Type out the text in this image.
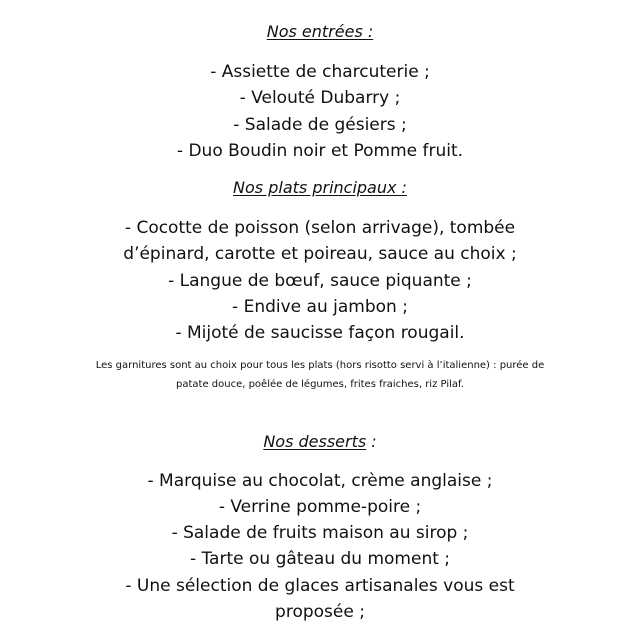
Nos entrées :
- Assiette de charcuterie ;
- Velouté Dubarry ;
- Salade de gésiers ;
- Duo Boudin noir et Pomme fruit.
Nos plats principaux :
- Cocotte de poisson (selon arrivage), tombée
d’épinard, carotte et poireau, sauce au choix ;
- Langue de bœuf, sauce piquante ;
- Endive au jambon ;
- Mijoté de saucisse façon rougail.
Les garnitures sont au choix pour tous les plats (hors risotto servi à l’italienne) : purée de patate douce, poêlée de légumes, frites fraiches, riz Pilaf.
Nos desserts :
- Marquise au chocolat, crème anglaise ;
- Verrine pomme-poire ;
- Salade de fruits maison au sirop ;
- Tarte ou gâteau du moment ;
- Une sélection de glaces artisanales vous est
proposée ;
